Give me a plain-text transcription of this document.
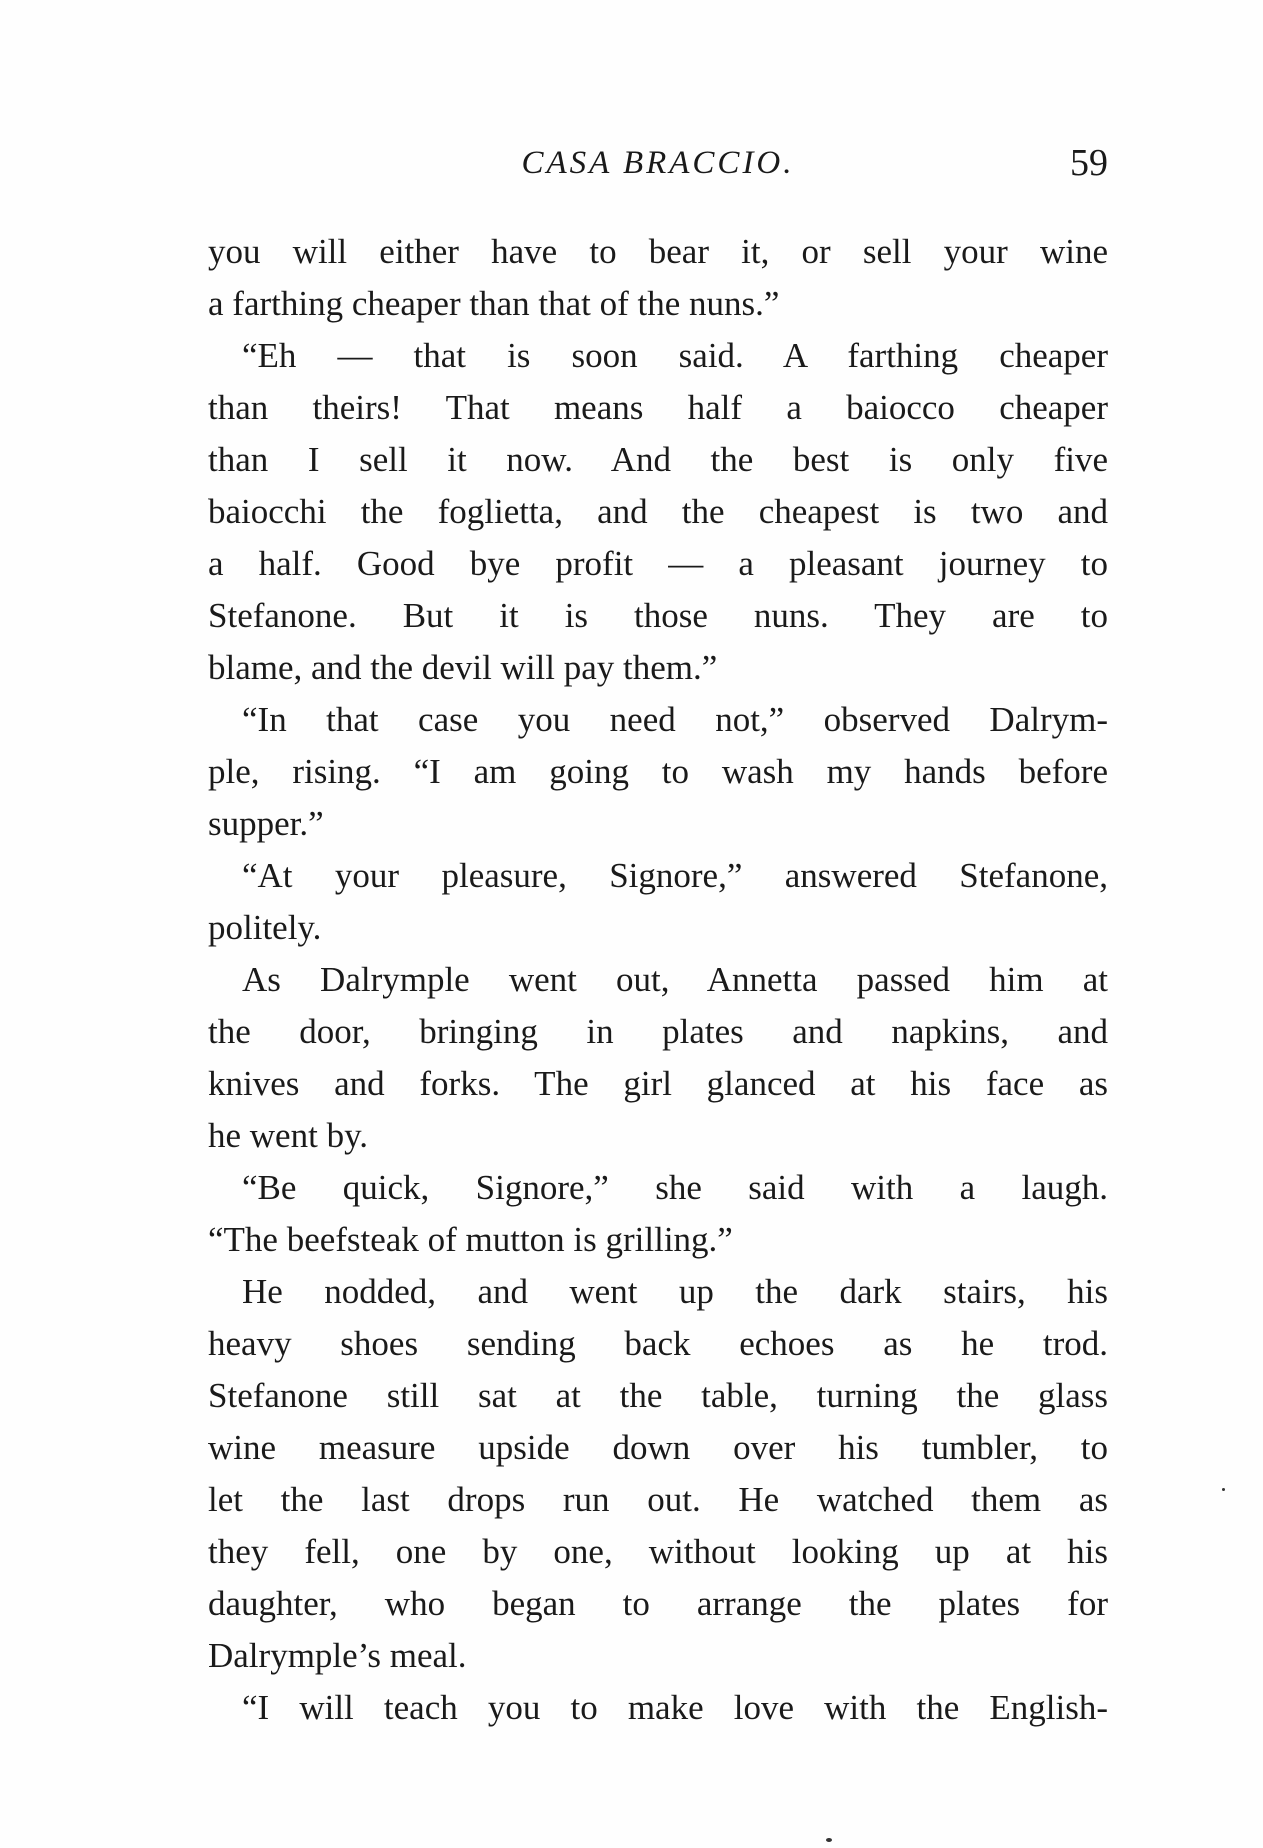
CASA BRACCIO.	59
you will either have to bear it, or sell your wine
a farthing cheaper than that of the nuns.”
“Eh — that is soon said. A farthing cheaper
than theirs! That means half a baiocco cheaper
than I sell it now. And the best is only five
baiocchi the foglietta, and the cheapest is two and
a half. Good bye profit — a pleasant journey to
Stefanone. But it is those nuns. They are to
blame, and the devil will pay them.”
“In that case you need not,” observed Dalrym-
ple, rising. “I am going to wash my hands before
supper.”
“At your pleasure, Signore,” answered Stefanone,
politely.
As Dalrymple went out, Annetta passed him at
the door, bringing in plates and napkins, and
knives and forks. The girl glanced at his face as
he went by.
“Be quick, Signore,” she said with a laugh.
“The beefsteak of mutton is grilling.”
He nodded, and went up the dark stairs, his
heavy shoes sending back echoes as he trod.
Stefanone still sat at the table, turning the glass
wine measure upside down over his tumbler, to
let the last drops run out. He watched them as
they fell, one by one, without looking up at his
daughter, who began to arrange the plates for
Dalrymple’s meal.
“I will teach you to make love with the English-
